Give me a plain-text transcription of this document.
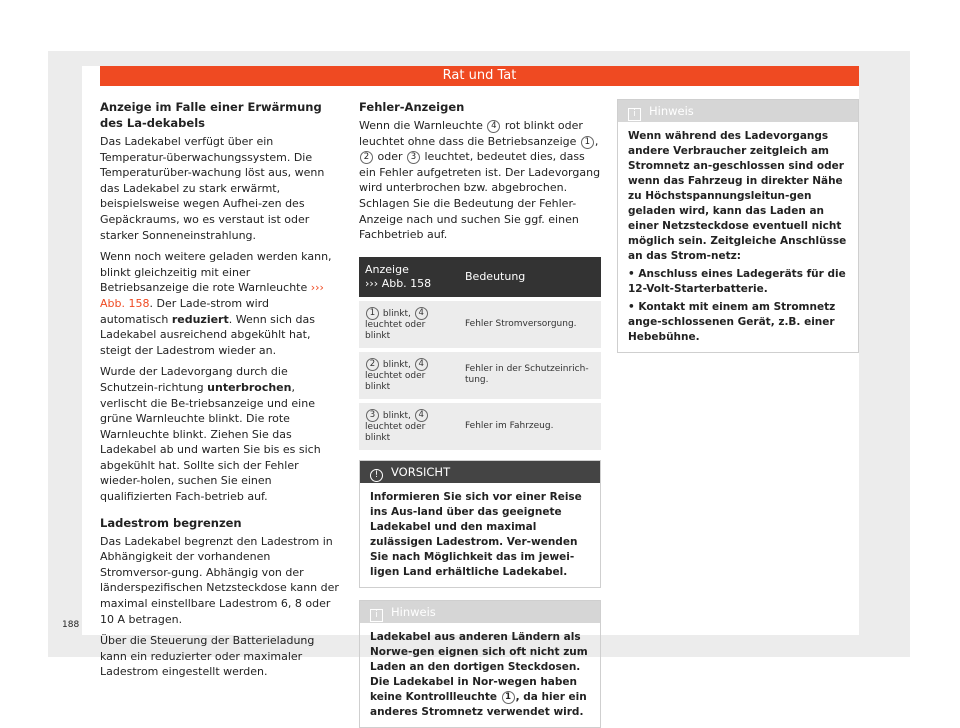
Rat und Tat
Anzeige im Falle einer Erwärmung des La-dekabels

Das Ladekabel verfügt über ein Temperatur-überwachungssystem. Die Temperaturüber-wachung löst aus, wenn das Ladekabel zu stark erwärmt, beispielsweise wegen Aufhei-zen des Gepäckraums, wo es verstaut ist oder starker Sonneneinstrahlung.

Wenn noch weitere geladen werden kann, blinkt gleichzeitig mit einer Betriebsanzeige die rote Warnleuchte ››› Abb. 158. Der Lade-strom wird automatisch reduziert. Wenn sich das Ladekabel ausreichend abgekühlt hat, steigt der Ladestrom wieder an.

Wurde der Ladevorgang durch die Schutzein-richtung unterbrochen, verlischt die Be-triebsanzeige und eine grüne Warnleuchte blinkt. Die rote Warnleuchte blinkt. Ziehen Sie das Ladekabel ab und warten Sie bis es sich abgekühlt hat. Sollte sich der Fehler wieder-holen, suchen Sie einen qualifizierten Fach-betrieb auf.

Ladestrom begrenzen

Das Ladekabel begrenzt den Ladestrom in Abhängigkeit der vorhandenen Stromversor-gung. Abhängig von der länderspezifischen Netzsteckdose kann der maximal einstellbare Ladestrom 6, 8 oder 10 A betragen.

Über die Steuerung der Batterieladung kann ein reduzierter oder maximaler Ladestrom eingestellt werden.

Fehler-Anzeigen

Wenn die Warnleuchte 4 rot blinkt oder leuchtet ohne dass die Betriebsanzeige 1 , 2 oder 3 leuchtet, bedeutet dies, dass ein Fehler aufgetreten ist. Der Ladevorgang wird unterbrochen bzw. abgebrochen. Schlagen Sie die Bedeutung der Fehler-Anzeige nach und suchen Sie ggf. einen Fachbetrieb auf.

Anzeige
››› Abb. 158	Bedeutung
1 blinkt, 4 leuchtet oder blinkt	Fehler Stromversorgung.
2 blinkt, 4 leuchtet oder blinkt	Fehler in der Schutzeinrich-tung.
3 blinkt, 4 leuchtet oder blinkt	Fehler im Fahrzeug.
! VORSICHT

Informieren Sie sich vor einer Reise ins Aus-land über das geeignete Ladekabel und den maximal zulässigen Ladestrom. Ver-wenden Sie nach Möglichkeit das im jewei-ligen Land erhältliche Ladekabel.

i Hinweis

Ladekabel aus anderen Ländern als Norwe-gen eignen sich oft nicht zum Laden an den dortigen Steckdosen. Die Ladekabel in Nor-wegen haben keine Kontrollleuchte 1 , da hier ein anderes Stromnetz verwendet wird.

i Hinweis

Wenn während des Ladevorgangs andere Verbraucher zeitgleich am Stromnetz an-geschlossen sind oder wenn das Fahrzeug in direkter Nähe zu Höchstspannungsleitun-gen geladen wird, kann das Laden an einer Netzsteckdose eventuell nicht möglich sein. Zeitgleiche Anschlüsse an das Strom-netz:

• Anschluss eines Ladegeräts für die 12-Volt-Starterbatterie.

• Kontakt mit einem am Stromnetz ange-schlossenen Gerät, z.B. einer Hebebühne.

188
